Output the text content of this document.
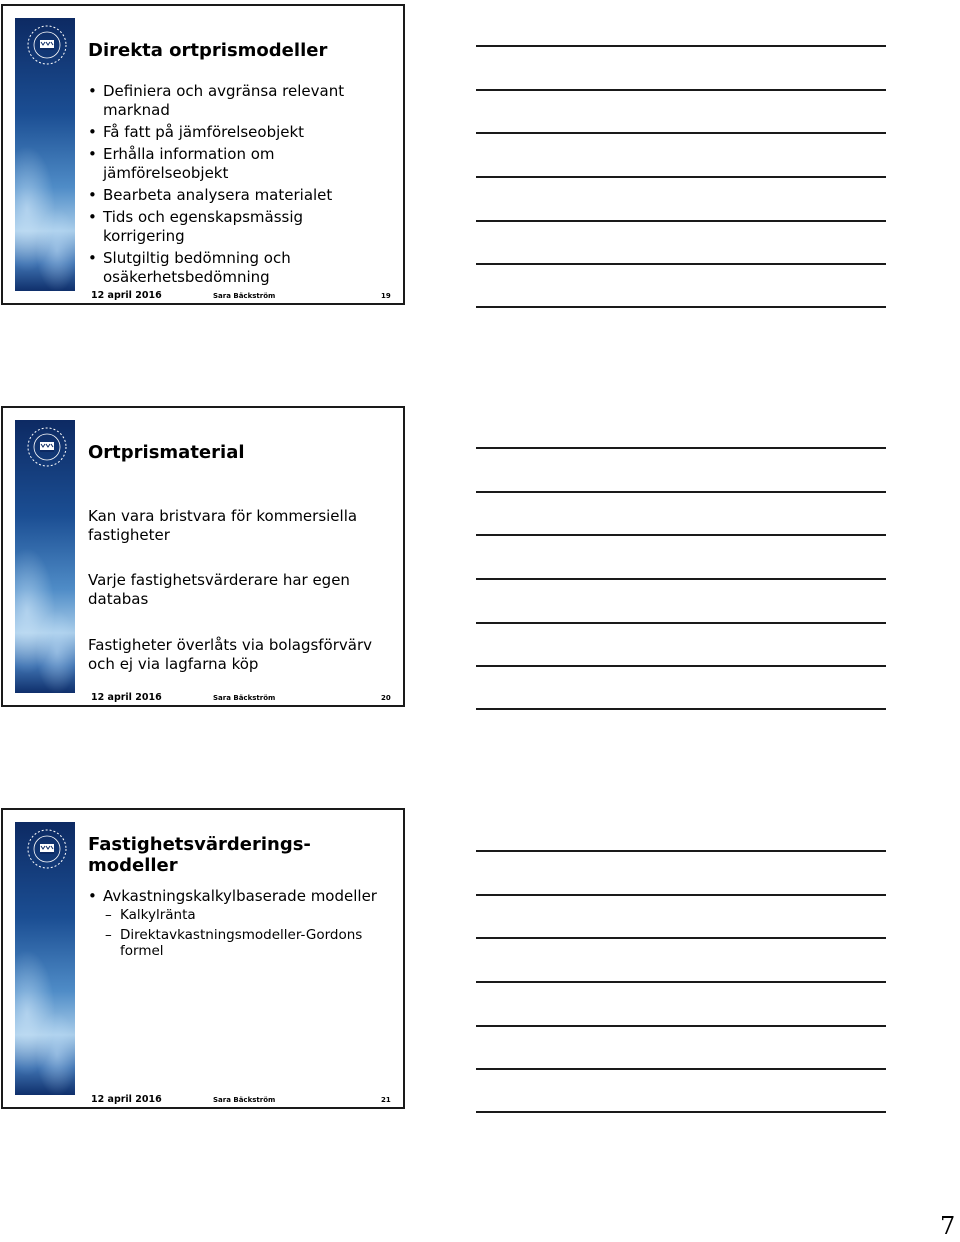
Direkta ortprismodeller
• Definiera och avgränsa relevant marknad
• Få fatt på jämförelseobjekt
• Erhålla information om jämförelseobjekt
• Bearbeta analysera materialet
• Tids och egenskapsmässig korrigering
• Slutgiltig bedömning och osäkerhetsbedömning
12 april 2016	Sara Bäckström	19
Ortprismaterial

Kan vara bristvara för kommersiella fastigheter

Varje fastighetsvärderare har egen databas

Fastigheter överlåts via bolagsförvärv och ej via lagfarna köp

12 april 2016	Sara Bäckström	20
Fastighetsvärderings-
modeller
• Avkastningskalkylbaserade modeller
– Kalkylränta
– Direktavkastningsmodeller-Gordons formel
12 april 2016	Sara Bäckström	21
7
